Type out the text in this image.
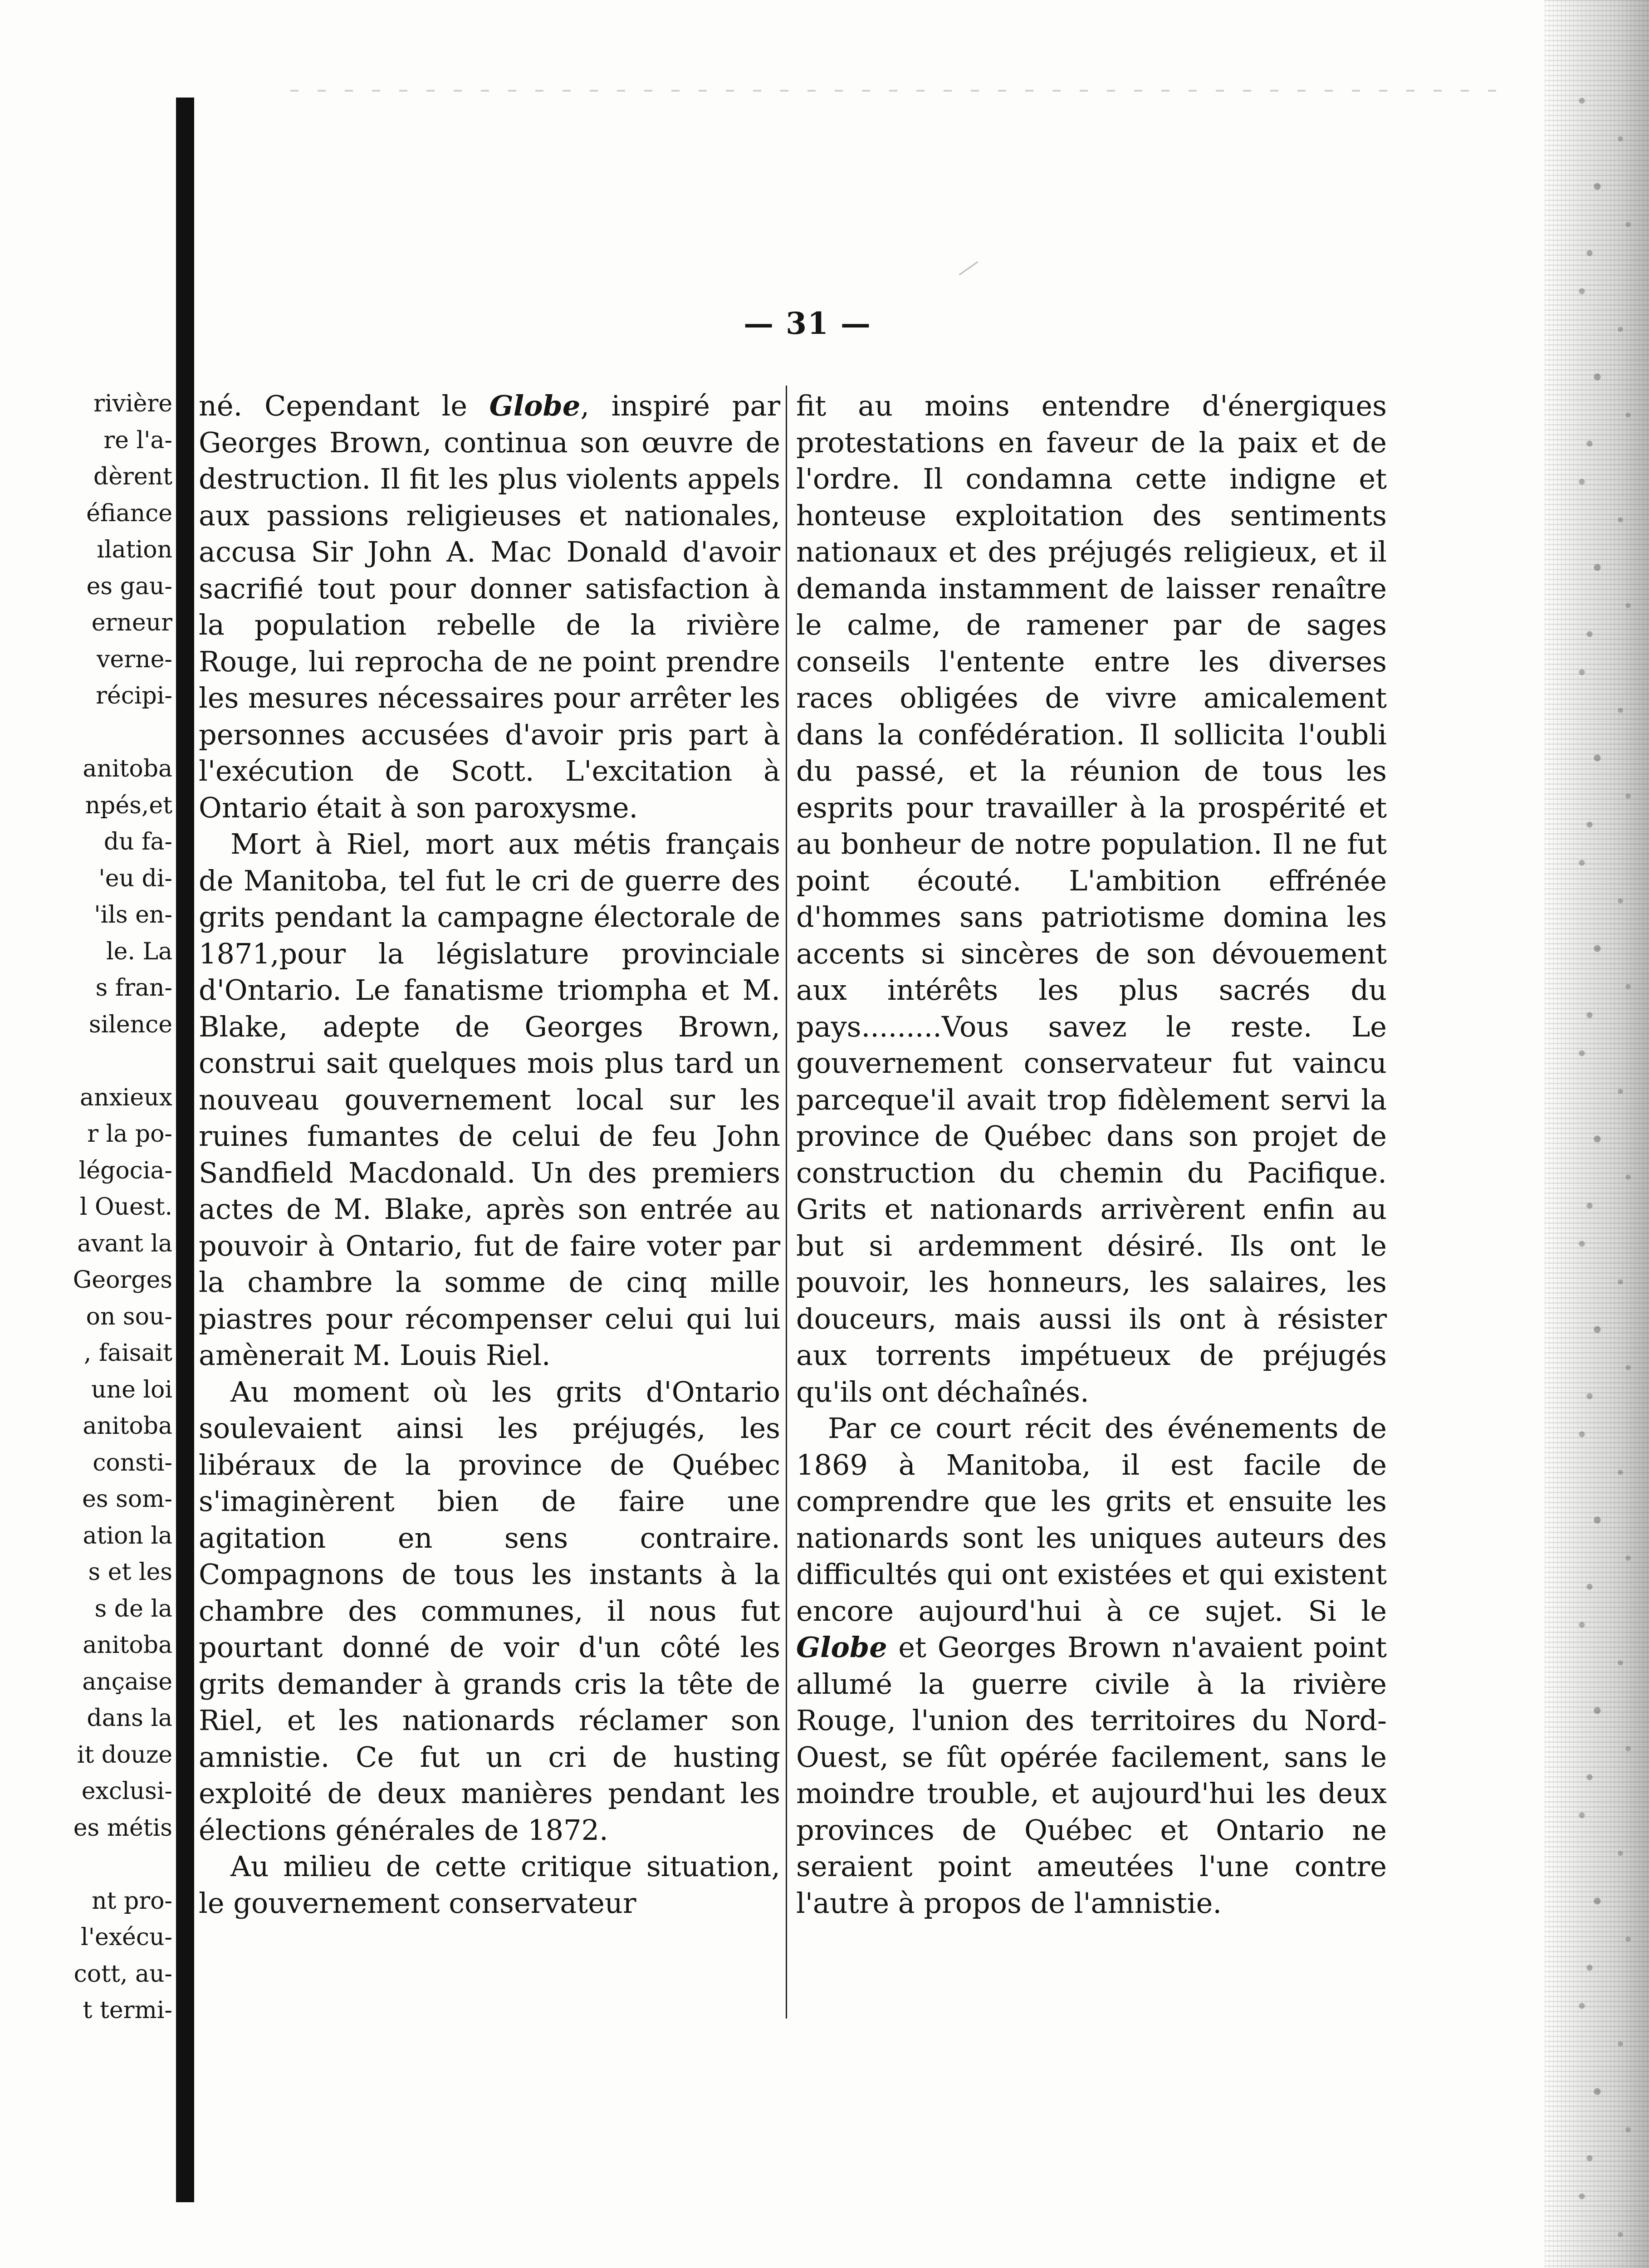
— 31 —
rivière
re l'a-
dèrent
éfiance
ılation
es gau-
erneur
verne-
récipi-
anitoba
npés,et
du fa-
'eu di-
'ils en-
le. La
s fran-
silence
anxieux
r la po-
légocia-
l Ouest.
avant la
Georges
on sou-
, faisait
une loi
anitoba
consti-
es som-
ation la
s et les
s de la
anitoba
ançaise
dans la
it douze
exclusi-
es métis
nt pro-
l'exécu-
cott, au-
t termi-

né. Cependant le Globe, inspiré par Georges Brown, continua son œuvre de destruction. Il fit les plus violents appels aux passions religieuses et nationales, accusa Sir John A. Mac Donald d'avoir sacrifié tout pour donner satisfaction à la population rebelle de la rivière Rouge, lui reprocha de ne point prendre les mesures nécessaires pour arrêter les personnes accusées d'avoir pris part à l'exécution de Scott. L'excitation à Ontario était à son paroxysme.

Mort à Riel, mort aux métis français de Manitoba, tel fut le cri de guerre des grits pendant la campagne électorale de 1871,pour la législature provinciale d'Ontario. Le fanatisme triompha et M. Blake, adepte de Georges Brown, construi sait quelques mois plus tard un nouveau gouvernement local sur les ruines fumantes de celui de feu John Sandfield Macdonald. Un des premiers actes de M. Blake, après son entrée au pouvoir à Ontario, fut de faire voter par la chambre la somme de cinq mille piastres pour récompenser celui qui lui amènerait M. Louis Riel.

Au moment où les grits d'Ontario soulevaient ainsi les préjugés, les libéraux de la province de Québec s'imaginèrent bien de faire une agitation en sens contraire. Compagnons de tous les instants à la chambre des communes, il nous fut pourtant donné de voir d'un côté les grits demander à grands cris la tête de Riel, et les nationards réclamer son amnistie. Ce fut un cri de husting exploité de deux manières pendant les élections générales de 1872.

Au milieu de cette critique situation, le gouvernement conservateur

fit au moins entendre d'énergiques protestations en faveur de la paix et de l'ordre. Il condamna cette indigne et honteuse exploitation des sentiments nationaux et des préjugés religieux, et il demanda instamment de laisser renaître le calme, de ramener par de sages conseils l'entente entre les diverses races obligées de vivre amicalement dans la confédération. Il sollicita l'oubli du passé, et la réunion de tous les esprits pour travailler à la prospérité et au bonheur de notre population. Il ne fut point écouté. L'ambition effrénée d'hommes sans patriotisme domina les accents si sincères de son dévouement aux intérêts les plus sacrés du pays.........Vous savez le reste. Le gouvernement conservateur fut vaincu parceque'il avait trop fidèlement servi la province de Québec dans son projet de construction du chemin du Pacifique. Grits et nationards arrivèrent enfin au but si ardemment désiré. Ils ont le pouvoir, les honneurs, les salaires, les douceurs, mais aussi ils ont à résister aux torrents impétueux de préjugés qu'ils ont déchaînés.

Par ce court récit des événements de 1869 à Manitoba, il est facile de comprendre que les grits et ensuite les nationards sont les uniques auteurs des difficultés qui ont existées et qui existent encore aujourd'hui à ce sujet. Si le Globe et Georges Brown n'avaient point allumé la guerre civile à la rivière Rouge, l'union des territoires du Nord-Ouest, se fût opérée facilement, sans le moindre trouble, et aujourd'hui les deux provinces de Québec et Ontario ne seraient point ameutées l'une contre l'autre à propos de l'amnistie.
